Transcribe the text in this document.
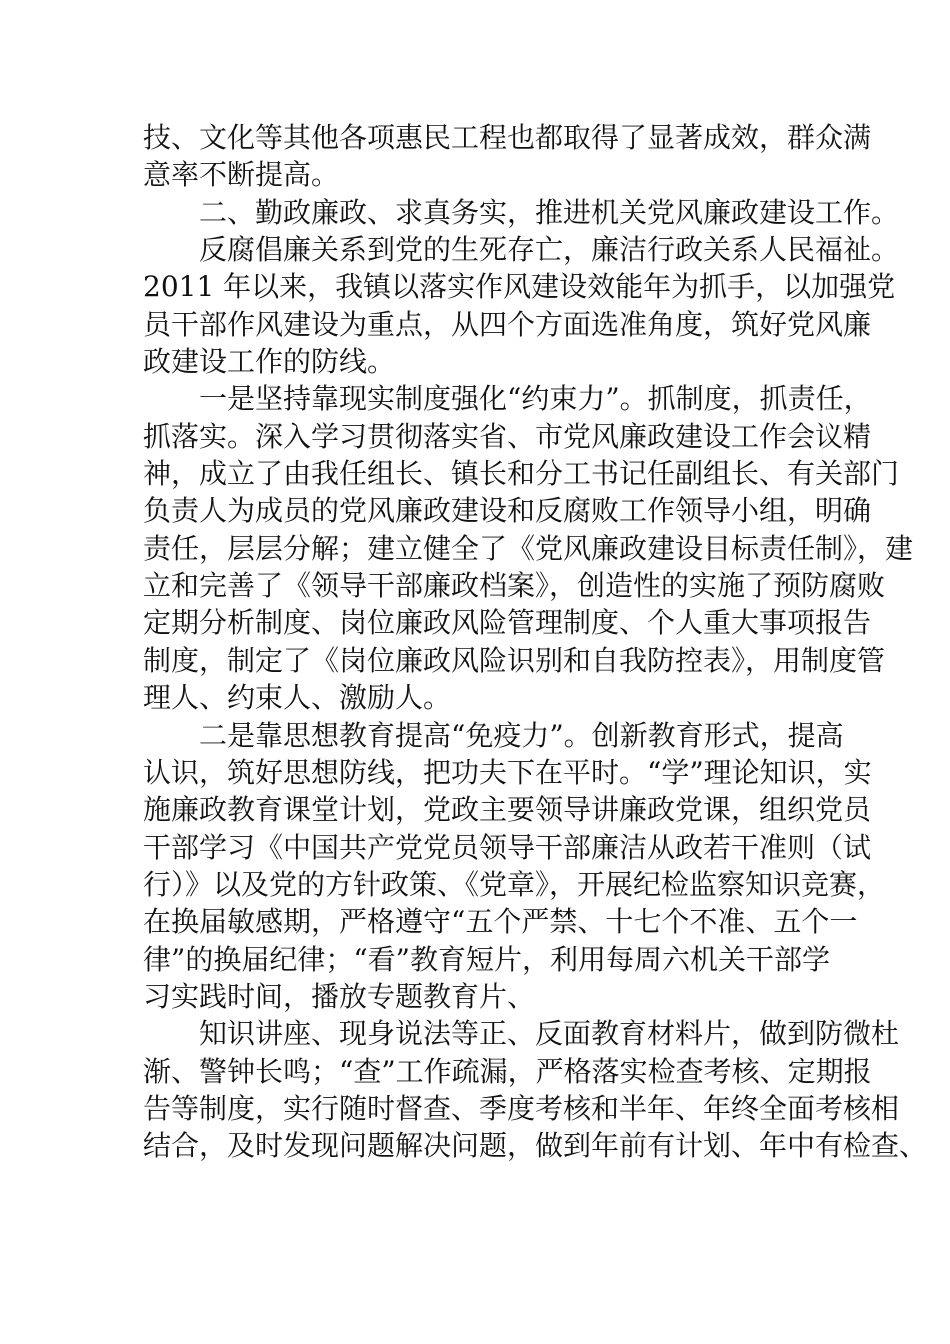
技、文化等其他各项惠民工程也都取得了显著成效，群众满
意率不断提高。
二、勤政廉政、求真务实，推进机关党风廉政建设工作。
反腐倡廉关系到党的生死存亡，廉洁行政关系人民福祉。
2011 年以来，我镇以落实作风建设效能年为抓手，以加强党
员干部作风建设为重点，从四个方面选准角度，筑好党风廉
政建设工作的防线。
一是坚持靠现实制度强化“约束力”。抓制度，抓责任，
抓落实。深入学习贯彻落实省、市党风廉政建设工作会议精
神，成立了由我任组长、镇长和分工书记任副组长、有关部门
负责人为成员的党风廉政建设和反腐败工作领导小组，明确
责任，层层分解；建立健全了《党风廉政建设目标责任制》，建
立和完善了《领导干部廉政档案》，创造性的实施了预防腐败
定期分析制度、岗位廉政风险管理制度、个人重大事项报告
制度，制定了《岗位廉政风险识别和自我防控表》，用制度管
理人、约束人、激励人。
二是靠思想教育提高“免疫力”。创新教育形式，提高
认识，筑好思想防线，把功夫下在平时。“学”理论知识，实
施廉政教育课堂计划，党政主要领导讲廉政党课，组织党员
干部学习《中国共产党党员领导干部廉洁从政若干准则（试
行）》以及党的方针政策、《党章》，开展纪检监察知识竞赛，
在换届敏感期，严格遵守“五个严禁、十七个不准、五个一
律”的换届纪律；“看”教育短片，利用每周六机关干部学
习实践时间，播放专题教育片、
知识讲座、现身说法等正、反面教育材料片，做到防微杜
渐、警钟长鸣；“查”工作疏漏，严格落实检查考核、定期报
告等制度，实行随时督查、季度考核和半年、年终全面考核相
结合，及时发现问题解决问题，做到年前有计划、年中有检查、
